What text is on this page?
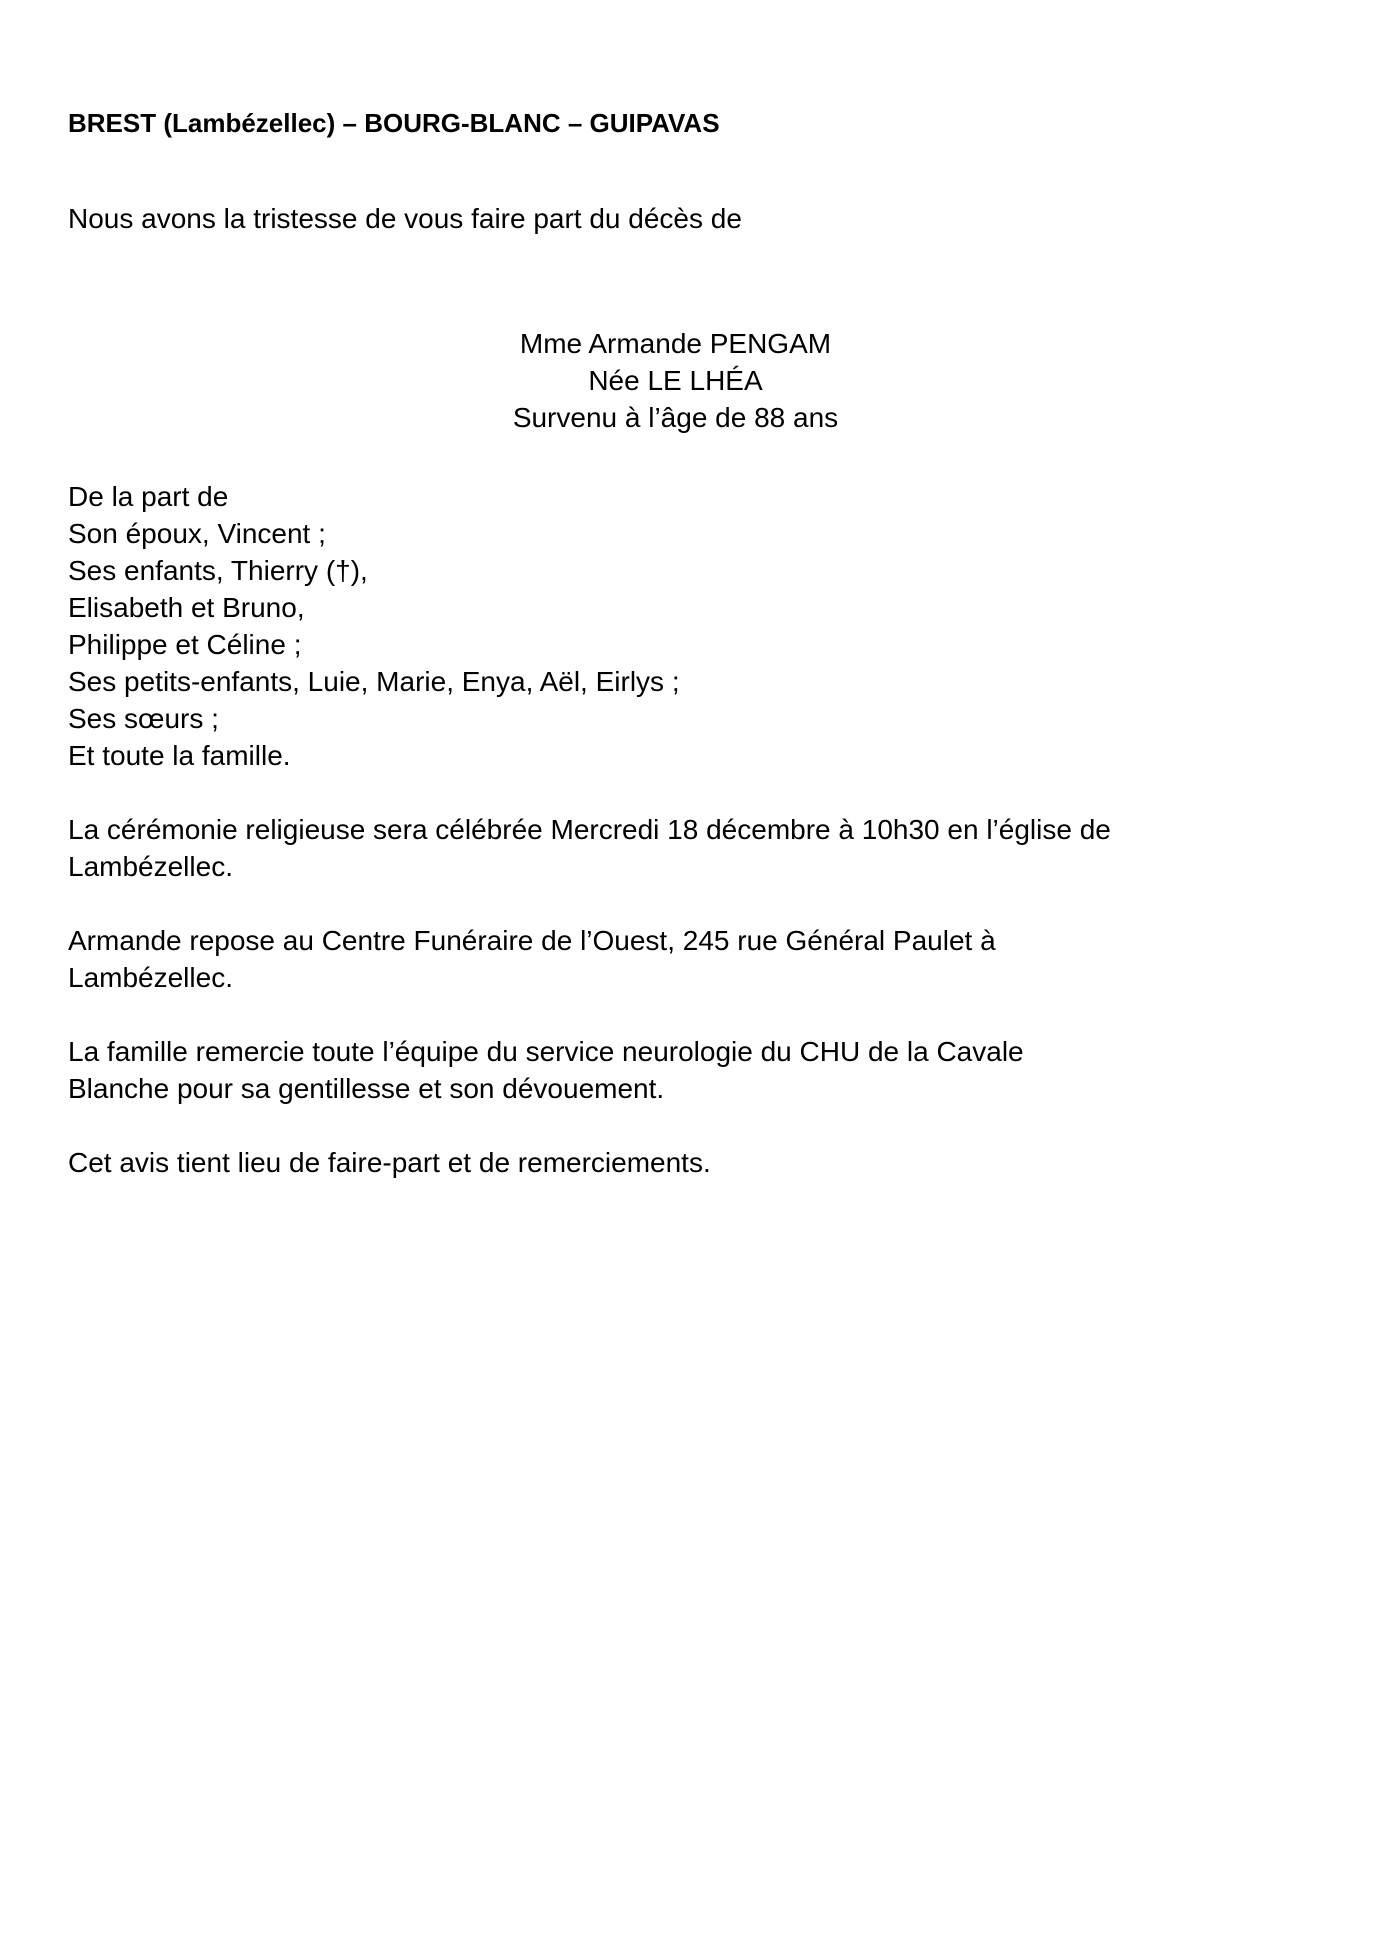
BREST (Lambézellec) – BOURG-BLANC – GUIPAVAS

Nous avons la tristesse de vous faire part du décès de

Mme Armande PENGAM
Née LE LHÉA
Survenu à l’âge de 88 ans
De la part de
Son époux, Vincent ;
Ses enfants, Thierry (†),
Elisabeth et Bruno,
Philippe et Céline ;
Ses petits-enfants, Luie, Marie, Enya, Aël, Eirlys ;
Ses sœurs ;
Et toute la famille.
La cérémonie religieuse sera célébrée Mercredi 18 décembre à 10h30 en l’église de
Lambézellec.
Armande repose au Centre Funéraire de l’Ouest, 245 rue Général Paulet à
Lambézellec.
La famille remercie toute l’équipe du service neurologie du CHU de la Cavale
Blanche pour sa gentillesse et son dévouement.
Cet avis tient lieu de faire-part et de remerciements.
